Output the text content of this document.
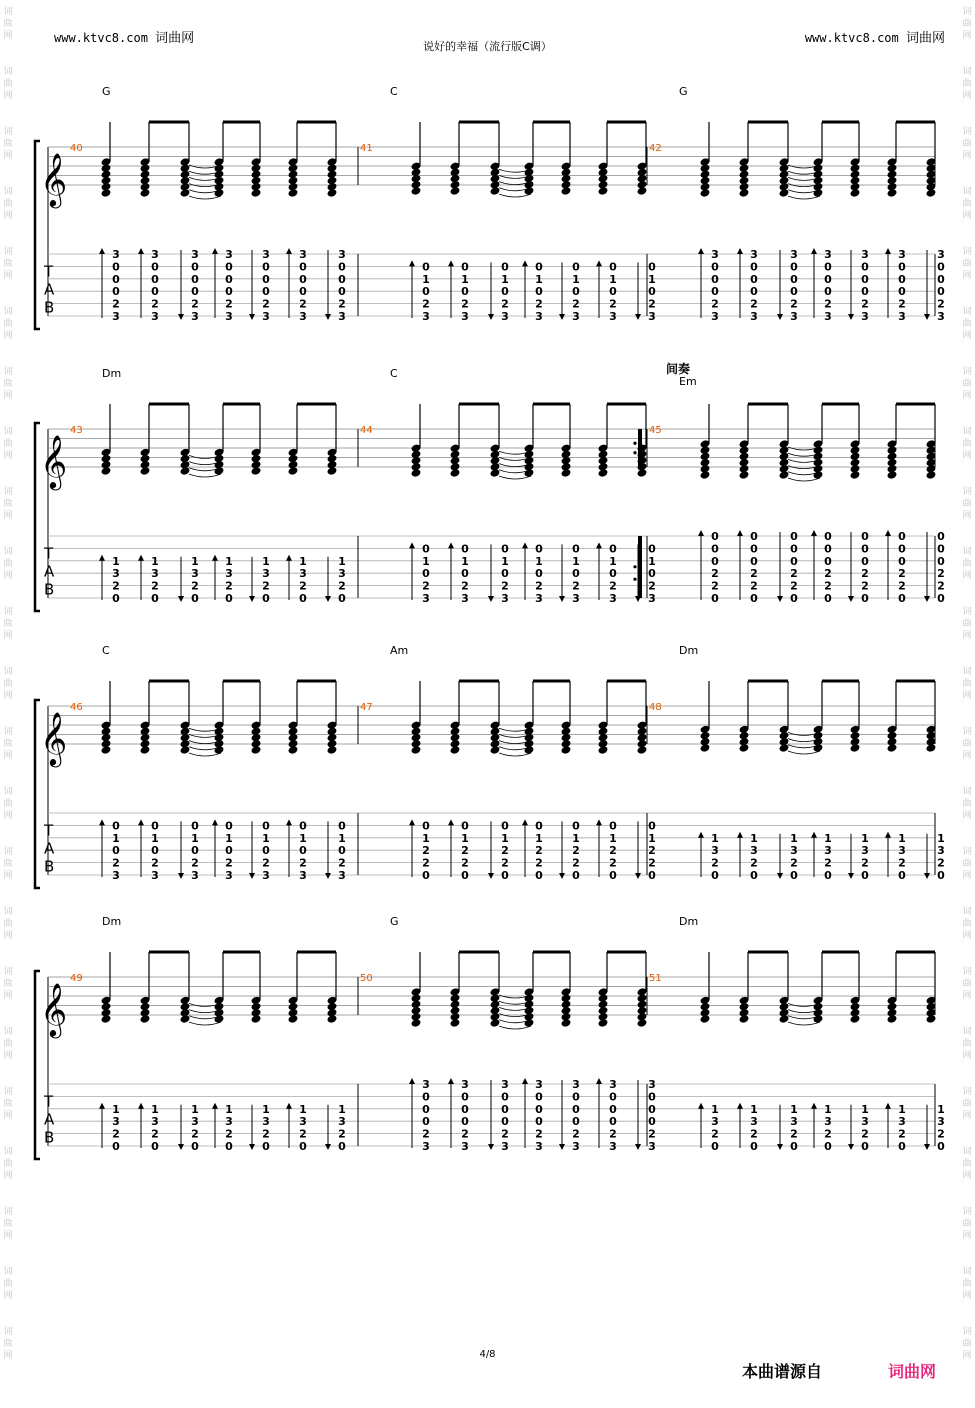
www.ktvc8.com 词曲网	www.ktvc8.com 词曲网
说好的幸福（流行版C调）
词
曲
网
词
曲
网
词
曲
网
词
曲
网
词
曲
网
词
曲
网
词
曲
网
词
曲
网
词
曲
网
词
曲
网
词
曲
网
词
曲
网
词
曲
网
词
曲
网
词
曲
网
词
曲
网
词
曲
网
词
曲
网
词
曲
网
词
曲
网
词
曲
网
词
曲
网
词
曲
网
词
曲
网
词
曲
网
词
曲
网
词
曲
网
词
曲
网
词
曲
网
词
曲
网
词
曲
网
词
曲
网
词
曲
网
词
曲
网
词
曲
网
词
曲
网
词
曲
网
词
曲
网
词
曲
网
词
曲
网
词
曲
网
词
曲
网
词
曲
网
词
曲
网
词
曲
网
词
曲
网
𝄞
T
A
B
G
40
3
0
0
0
2
3
3
0
0
0
2
3
3
0
0
0
2
3
3
0
0
0
2
3
3
0
0
0
2
3
3
0
0
0
2
3
3
0
0
0
2
3
C
41
0
1
0
2
3
0
1
0
2
3
0
1
0
2
3
0
1
0
2
3
0
1
0
2
3
0
1
0
2
3
0
1
0
2
3
G
42
3
0
0
0
2
3
3
0
0
0
2
3
3
0
0
0
2
3
3
0
0
0
2
3
3
0
0
0
2
3
3
0
0
0
2
3
3
0
0
0
2
3
𝄞
T
A
B
间奏
Dm
43
1
3
2
0
1
3
2
0
1
3
2
0
1
3
2
0
1
3
2
0
1
3
2
0
1
3
2
0
C
44
0
1
0
2
3
0
1
0
2
3
0
1
0
2
3
0
1
0
2
3
0
1
0
2
3
0
1
0
2
3
0
1
0
2
3
Em
45
0
0
0
2
2
0
0
0
0
2
2
0
0
0
0
2
2
0
0
0
0
2
2
0
0
0
0
2
2
0
0
0
0
2
2
0
0
0
0
2
2
0
𝄞
T
A
B
C
46
0
1
0
2
3
0
1
0
2
3
0
1
0
2
3
0
1
0
2
3
0
1
0
2
3
0
1
0
2
3
0
1
0
2
3
Am
47
0
1
2
2
0
0
1
2
2
0
0
1
2
2
0
0
1
2
2
0
0
1
2
2
0
0
1
2
2
0
0
1
2
2
0
Dm
48
1
3
2
0
1
3
2
0
1
3
2
0
1
3
2
0
1
3
2
0
1
3
2
0
1
3
2
0
𝄞
T
A
B
Dm
49
1
3
2
0
1
3
2
0
1
3
2
0
1
3
2
0
1
3
2
0
1
3
2
0
1
3
2
0
G
50
3
0
0
0
2
3
3
0
0
0
2
3
3
0
0
0
2
3
3
0
0
0
2
3
3
0
0
0
2
3
3
0
0
0
2
3
3
0
0
0
2
3
Dm
51
1
3
2
0
1
3
2
0
1
3
2
0
1
3
2
0
1
3
2
0
1
3
2
0
1
3
2
0
4/8
本曲谱源自	词曲网
